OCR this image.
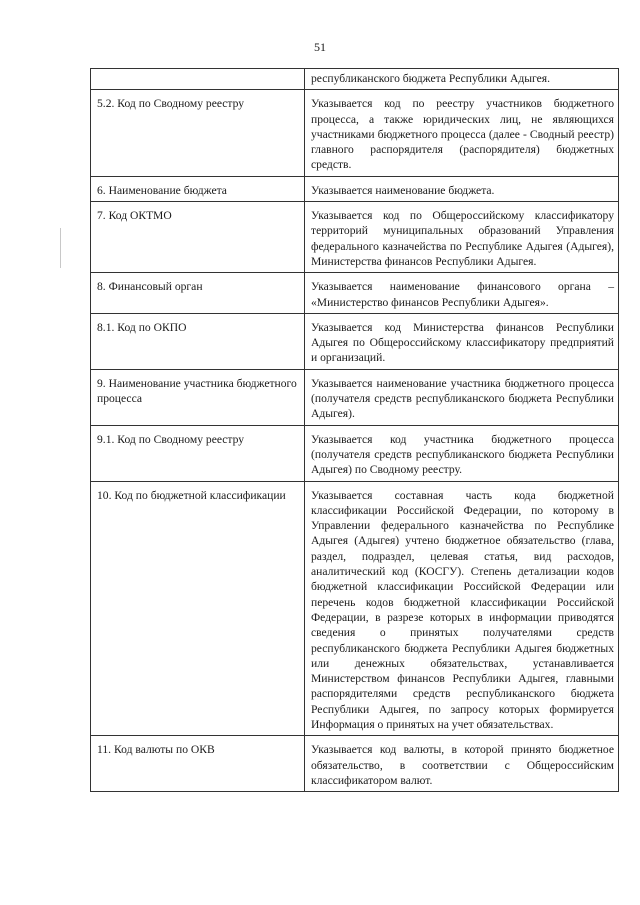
51
	республиканского бюджета Республики Адыгея.
5.2. Код по Сводному реестру	Указывается код по реестру участников бюджетного процесса, а также юридических лиц, не являющихся участниками бюджетного процесса (далее - Сводный реестр) главного распорядителя (распорядителя) бюджетных средств.
6. Наименование бюджета	Указывается наименование бюджета.
7. Код ОКТМО	Указывается код по Общероссийскому классификатору территорий муниципальных образований Управления федерального казначейства по Республике Адыгея (Адыгея), Министерства финансов Республики Адыгея.
8. Финансовый орган	Указывается наименование финансового органа – «Министерство финансов Республики Адыгея».
8.1. Код по ОКПО	Указывается код Министерства финансов Республики Адыгея по Общероссийскому классификатору предприятий и организаций.
9. Наименование участника бюджетного процесса	Указывается наименование участника бюджетного процесса (получателя средств республиканского бюджета Республики Адыгея).
9.1. Код по Сводному реестру	Указывается код участника бюджетного процесса (получателя средств республиканского бюджета Республики Адыгея) по Сводному реестру.
10. Код по бюджетной классификации	Указывается составная часть кода бюджетной классификации Российской Федерации, по которому в Управлении федерального казначейства по Республике Адыгея (Адыгея) учтено бюджетное обязательство (глава, раздел, подраздел, целевая статья, вид расходов, аналитический код (КОСГУ). Степень детализации кодов бюджетной классификации Российской Федерации или перечень кодов бюджетной классификации Российской Федерации, в разрезе которых в информации приводятся сведения о принятых получателями средств республиканского бюджета Республики Адыгея бюджетных или денежных обязательствах, устанавливается Министерством финансов Республики Адыгея, главными распорядителями средств республиканского бюджета Республики Адыгея, по запросу которых формируется Информация о принятых на учет обязательствах.
11. Код валюты по ОКВ	Указывается код валюты, в которой принято бюджетное обязательство, в соответствии с Общероссийским классификатором валют.
